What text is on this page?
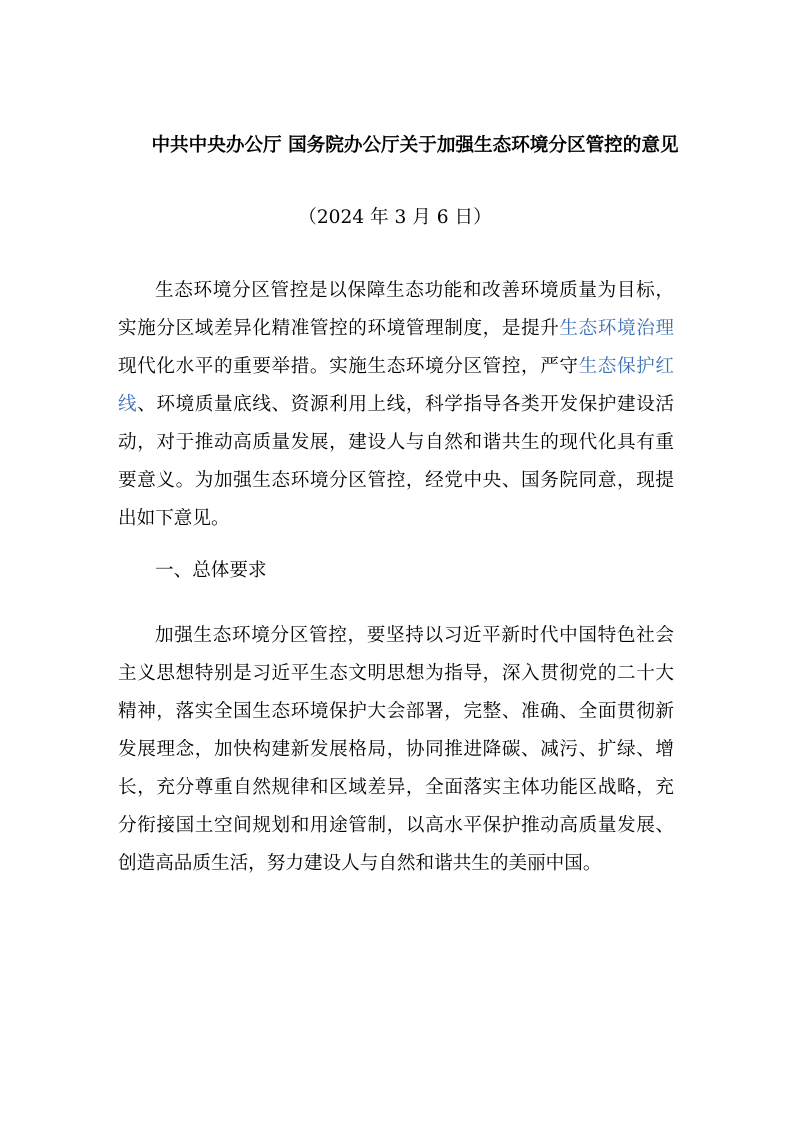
中共中央办公厅 国务院办公厅关于加强生态环境分区管控的意见
（2024 年 3 月 6 日）
生态环境分区管控是以保障生态功能和改善环境质量为目标，实施分区域差异化精准管控的环境管理制度，是提升生态环境治理现代化水平的重要举措。实施生态环境分区管控，严守生态保护红线、环境质量底线、资源利用上线，科学指导各类开发保护建设活动，对于推动高质量发展，建设人与自然和谐共生的现代化具有重要意义。为加强生态环境分区管控，经党中央、国务院同意，现提出如下意见。
一、总体要求
加强生态环境分区管控，要坚持以习近平新时代中国特色社会主义思想特别是习近平生态文明思想为指导，深入贯彻党的二十大精神，落实全国生态环境保护大会部署，完整、准确、全面贯彻新发展理念，加快构建新发展格局，协同推进降碳、减污、扩绿、增长，充分尊重自然规律和区域差异，全面落实主体功能区战略，充分衔接国土空间规划和用途管制，以高水平保护推动高质量发展、创造高品质生活，努力建设人与自然和谐共生的美丽中国。
